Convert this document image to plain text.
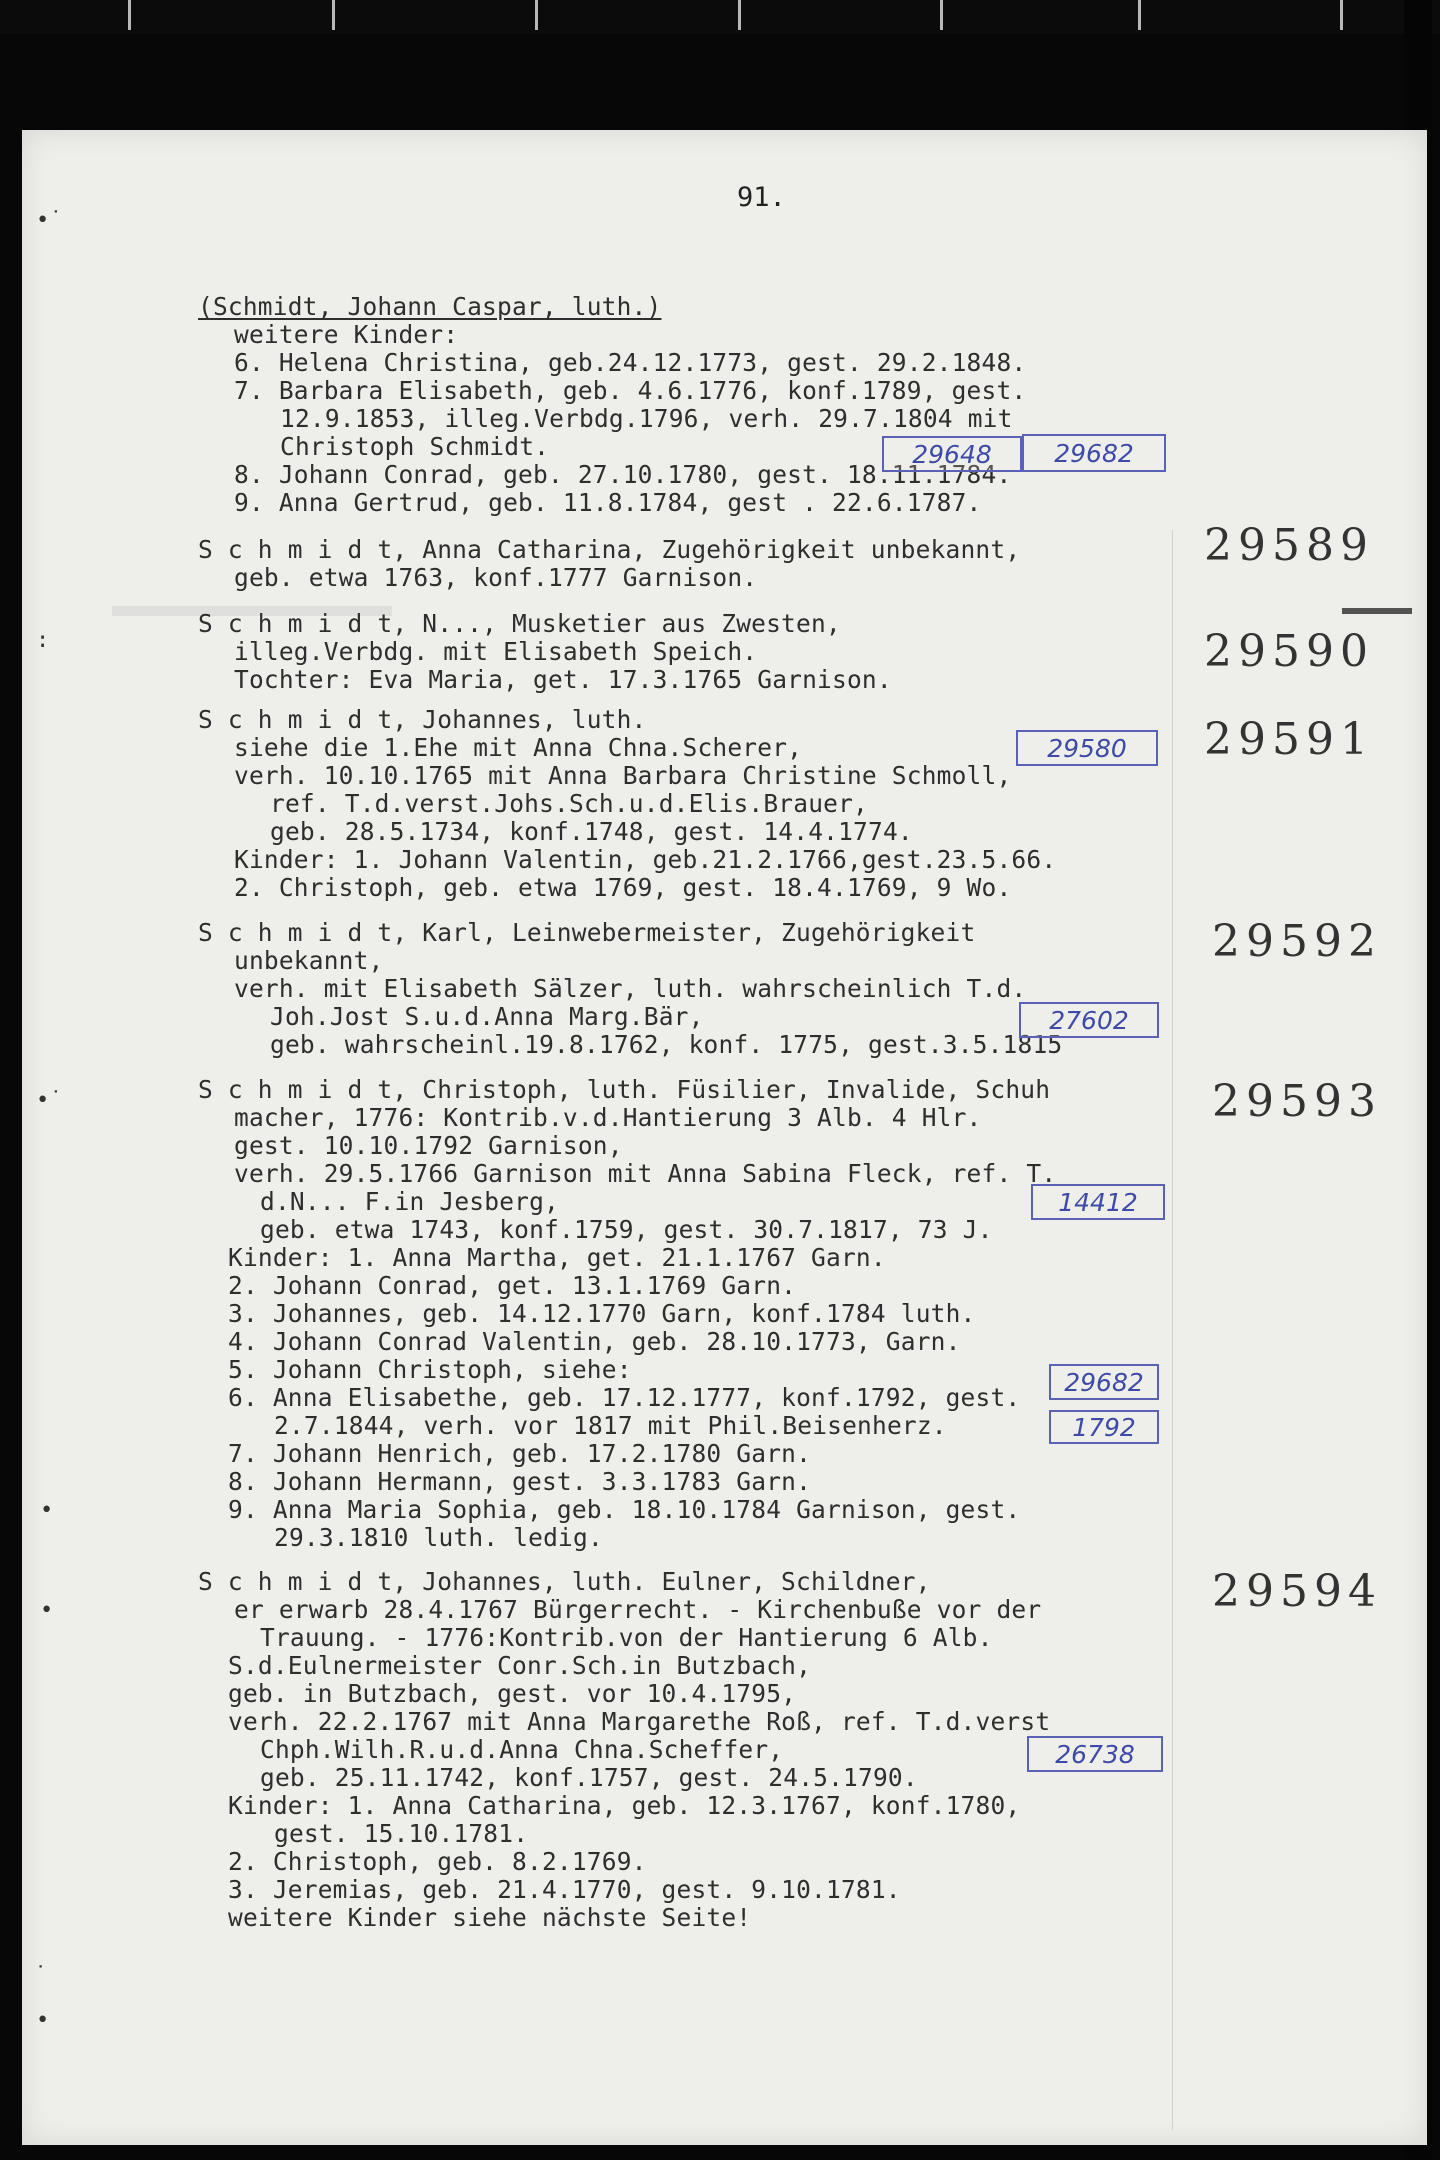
•˙
:
•˙
•
•
˙
•
91.
(Schmidt, Johann Caspar, luth.)
weitere Kinder:
6. Helena Christina, geb.24.12.1773, gest. 29.2.1848.
7. Barbara Elisabeth, geb. 4.6.1776, konf.1789, gest.
12.9.1853, illeg.Verbdg.1796, verh. 29.7.1804 mit
Christoph Schmidt.
8. Johann Conrad, geb. 27.10.1780, gest. 18.11.1784.
9. Anna Gertrud, geb. 11.8.1784, gest . 22.6.1787.
S c h m i d t, Anna Catharina, Zugehörigkeit unbekannt,
geb. etwa 1763, konf.1777 Garnison.
S c h m i d t, N..., Musketier aus Zwesten,
illeg.Verbdg. mit Elisabeth Speich.
Tochter: Eva Maria, get. 17.3.1765 Garnison.
S c h m i d t, Johannes, luth.
siehe die 1.Ehe mit Anna Chna.Scherer,
verh. 10.10.1765 mit Anna Barbara Christine Schmoll,
ref. T.d.verst.Johs.Sch.u.d.Elis.Brauer,
geb. 28.5.1734, konf.1748, gest. 14.4.1774.
Kinder: 1. Johann Valentin, geb.21.2.1766,gest.23.5.66.
2. Christoph, geb. etwa 1769, gest. 18.4.1769, 9 Wo.
S c h m i d t, Karl, Leinwebermeister, Zugehörigkeit
unbekannt,
verh. mit Elisabeth Sälzer, luth. wahrscheinlich T.d.
Joh.Jost S.u.d.Anna Marg.Bär,
geb. wahrscheinl.19.8.1762, konf. 1775, gest.3.5.1815
S c h m i d t, Christoph, luth. Füsilier, Invalide, Schuh
macher, 1776: Kontrib.v.d.Hantierung 3 Alb. 4 Hlr.
gest. 10.10.1792 Garnison,
verh. 29.5.1766 Garnison mit Anna Sabina Fleck, ref. T.
d.N... F.in Jesberg,
geb. etwa 1743, konf.1759, gest. 30.7.1817, 73 J.
Kinder: 1. Anna Martha, get. 21.1.1767 Garn.
2. Johann Conrad, get. 13.1.1769 Garn.
3. Johannes, geb. 14.12.1770 Garn, konf.1784 luth.
4. Johann Conrad Valentin, geb. 28.10.1773, Garn.
5. Johann Christoph, siehe:
6. Anna Elisabethe, geb. 17.12.1777, konf.1792, gest.
2.7.1844, verh. vor 1817 mit Phil.Beisenherz.
7. Johann Henrich, geb. 17.2.1780 Garn.
8. Johann Hermann, gest. 3.3.1783 Garn.
9. Anna Maria Sophia, geb. 18.10.1784 Garnison, gest.
29.3.1810 luth. ledig.
S c h m i d t, Johannes, luth. Eulner, Schildner,
er erwarb 28.4.1767 Bürgerrecht. - Kirchenbuße vor der
Trauung. - 1776:Kontrib.von der Hantierung 6 Alb.
S.d.Eulnermeister Conr.Sch.in Butzbach,
geb. in Butzbach, gest. vor 10.4.1795,
verh. 22.2.1767 mit Anna Margarethe Roß, ref. T.d.verst
Chph.Wilh.R.u.d.Anna Chna.Scheffer,
geb. 25.11.1742, konf.1757, gest. 24.5.1790.
Kinder: 1. Anna Catharina, geb. 12.3.1767, konf.1780,
gest. 15.10.1781.
2. Christoph, geb. 8.2.1769.
3. Jeremias, geb. 21.4.1770, gest. 9.10.1781.
weitere Kinder siehe nächste Seite!
29589
29590
29591
29592
29593
29594
29648	29682
29580
27602
14412
29682
1792
26738
